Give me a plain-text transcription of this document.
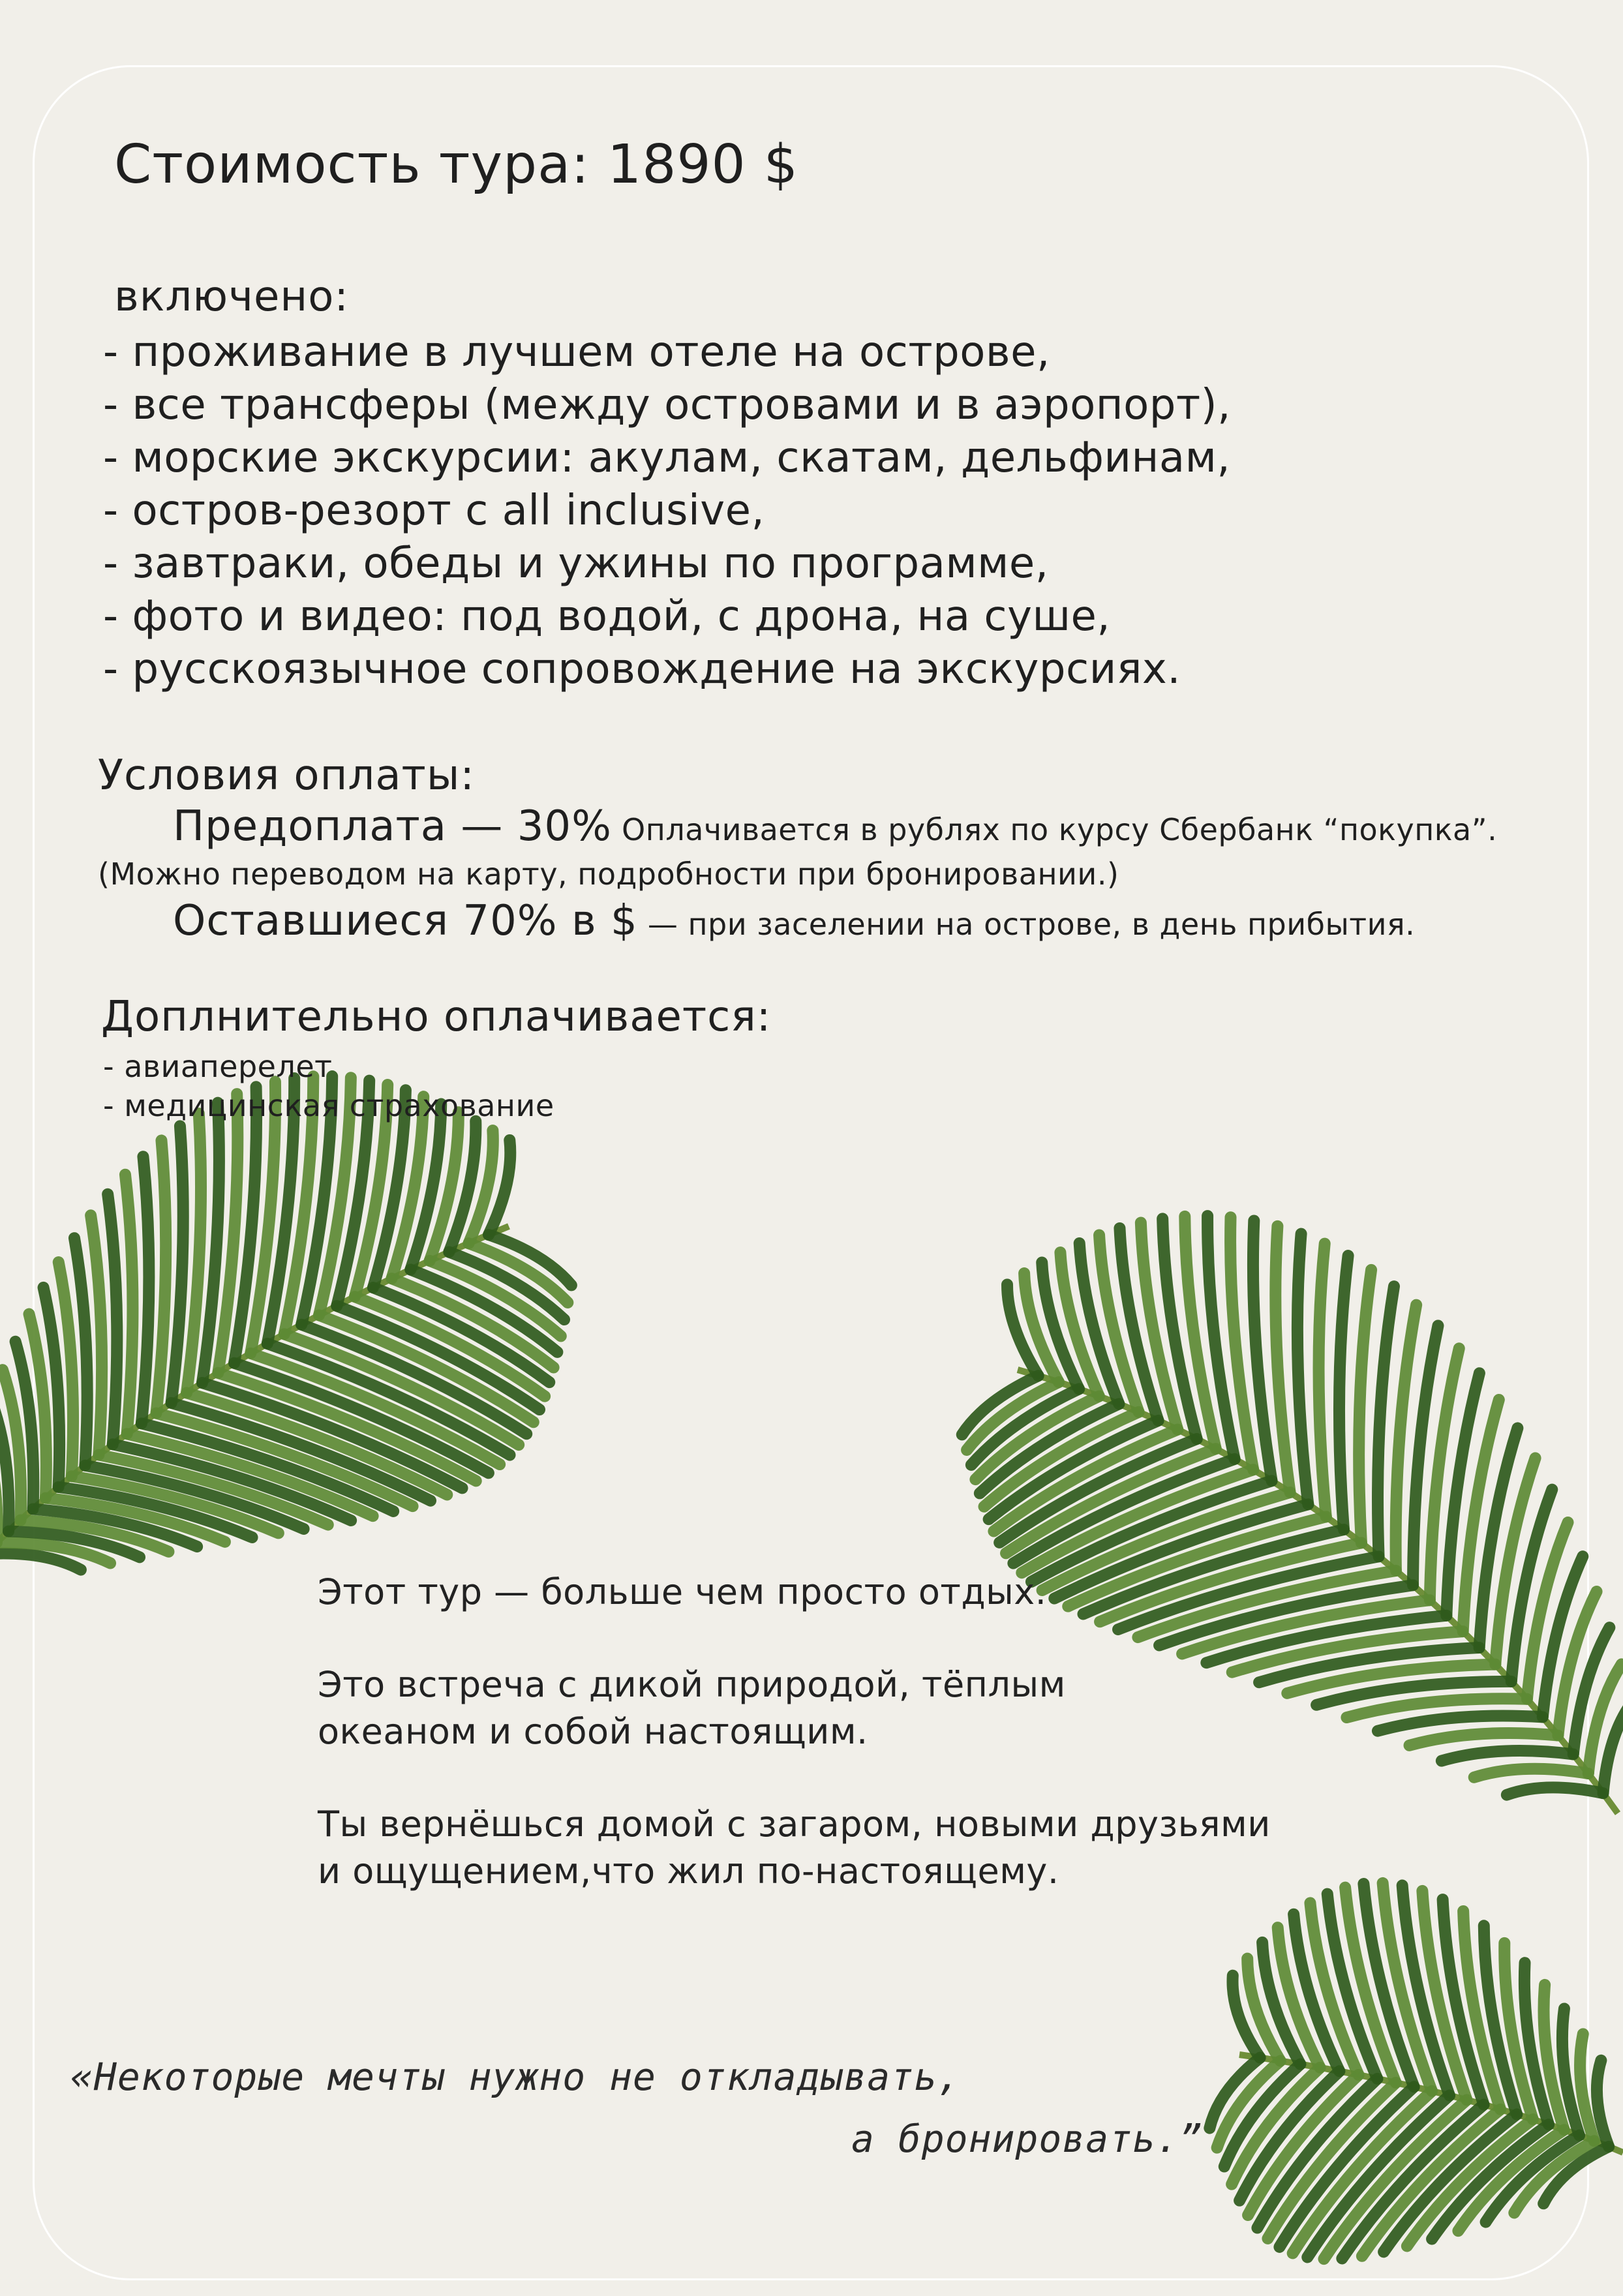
Стоимость тура: 1890 $
включено:
- проживание в лучшем отеле на острове,
- все трансферы (между островами и в аэропорт),
- морские экскурсии: акулам, скатам, дельфинам,
- остров-резорт с all inclusive,
- завтраки, обеды и ужины по программе,
- фото и видео: под водой, с дрона, на суше,
- русскоязычное сопровождение на экскурсиях.
Условия оплаты:
Предоплата — 30% Оплачивается в рублях по курсу Сбербанк “покупка”.
(Можно переводом на карту, подробности при бронировании.)
Оставшиеся 70% в $ — при заселении на острове, в день прибытия.
Доплнительно оплачивается:
- авиаперелет
- медицинская страхование

Этот тур — больше чем просто отдых.

Это встреча с дикой природой, тёплым
океаном и собой настоящим.

Ты вернёшься домой с загаром, новыми друзьями
и ощущением,что жил по-настоящему.

«Некоторые мечты нужно не откладывать,
а бронировать.”
